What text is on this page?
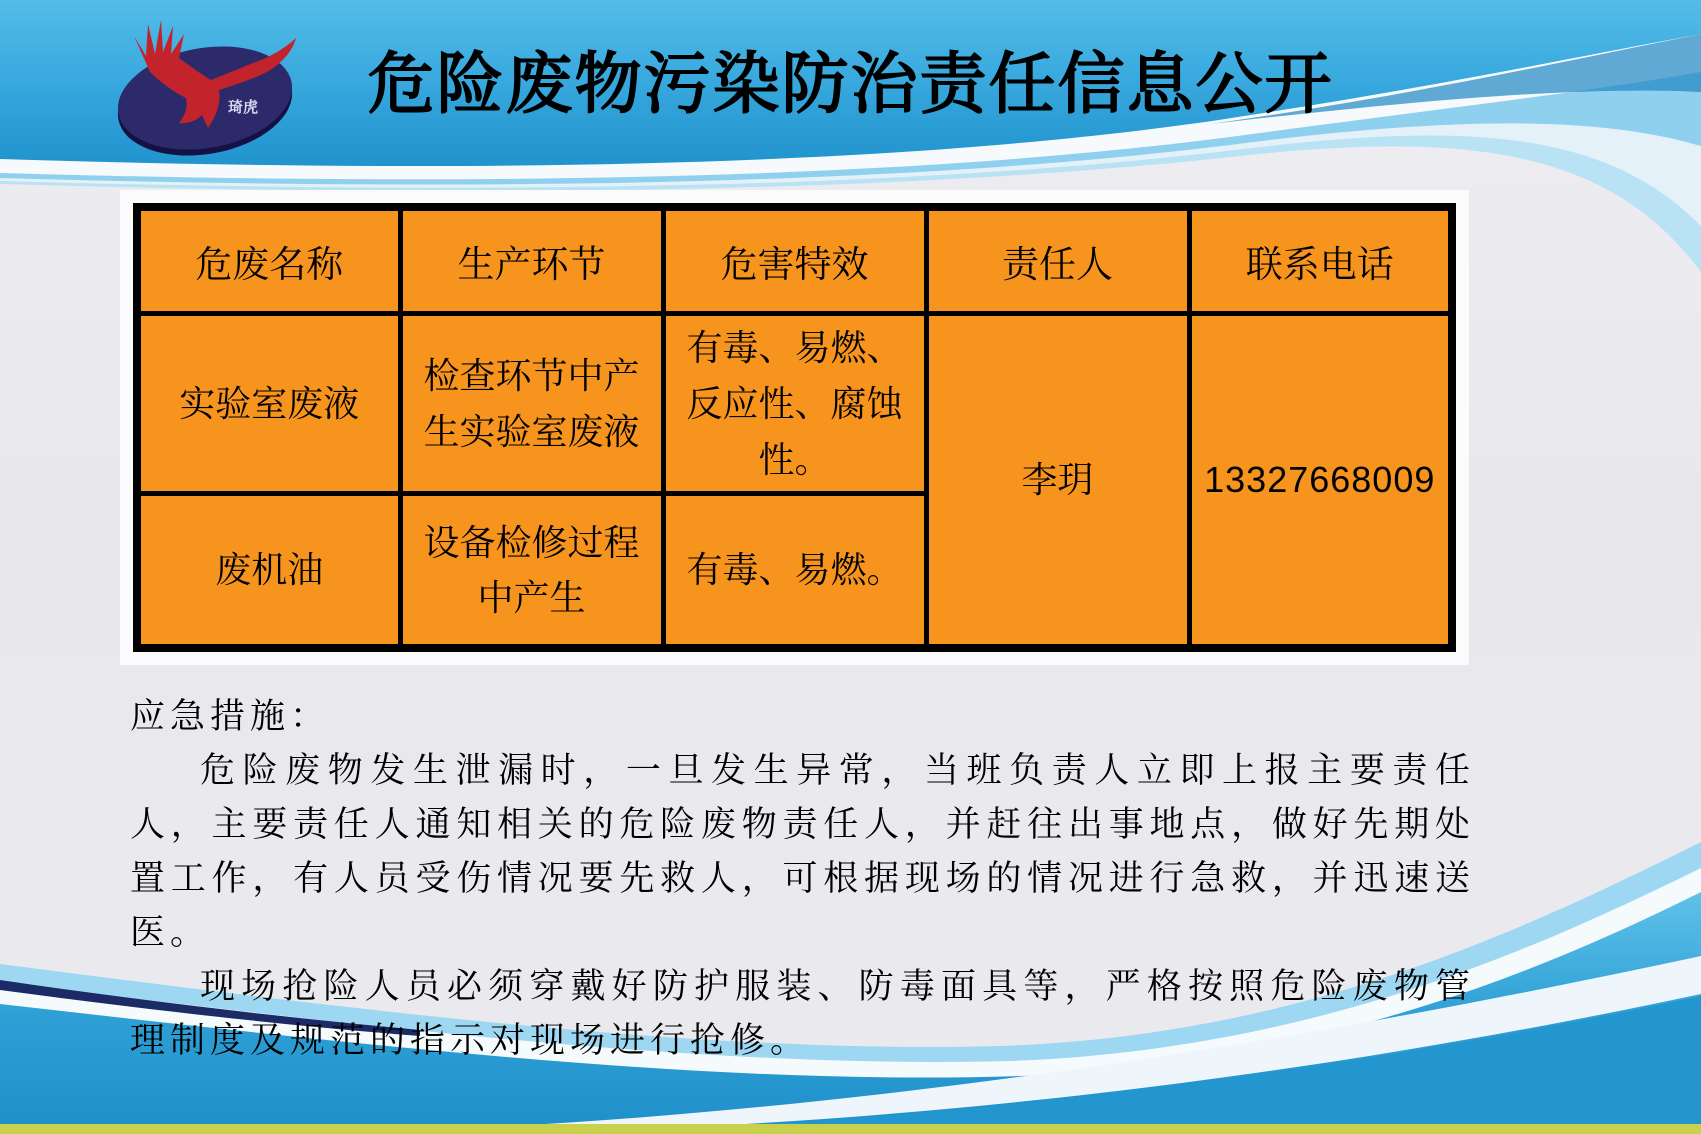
琦虎	危险废物污染防治责任信息公开
危废名称	生产环节	危害特效	责任人	联系电话
实验室废液	检查环节中产生实验室废液	有毒、易燃、反应性、腐蚀性。	李玥	13327668009
废机油	设备检修过程中产生	有毒、易燃。		

应急措施：

危险废物发生泄漏时，一旦发生异常，当班负责人立即上报主要责任人，主要责任人通知相关的危险废物责任人，并赶往出事地点，做好先期处置工作，有人员受伤情况要先救人，可根据现场的情况进行急救，并迅速送医。

现场抢险人员必须穿戴好防护服装、防毒面具等，严格按照危险废物管理制度及规范的指示对现场进行抢修。
